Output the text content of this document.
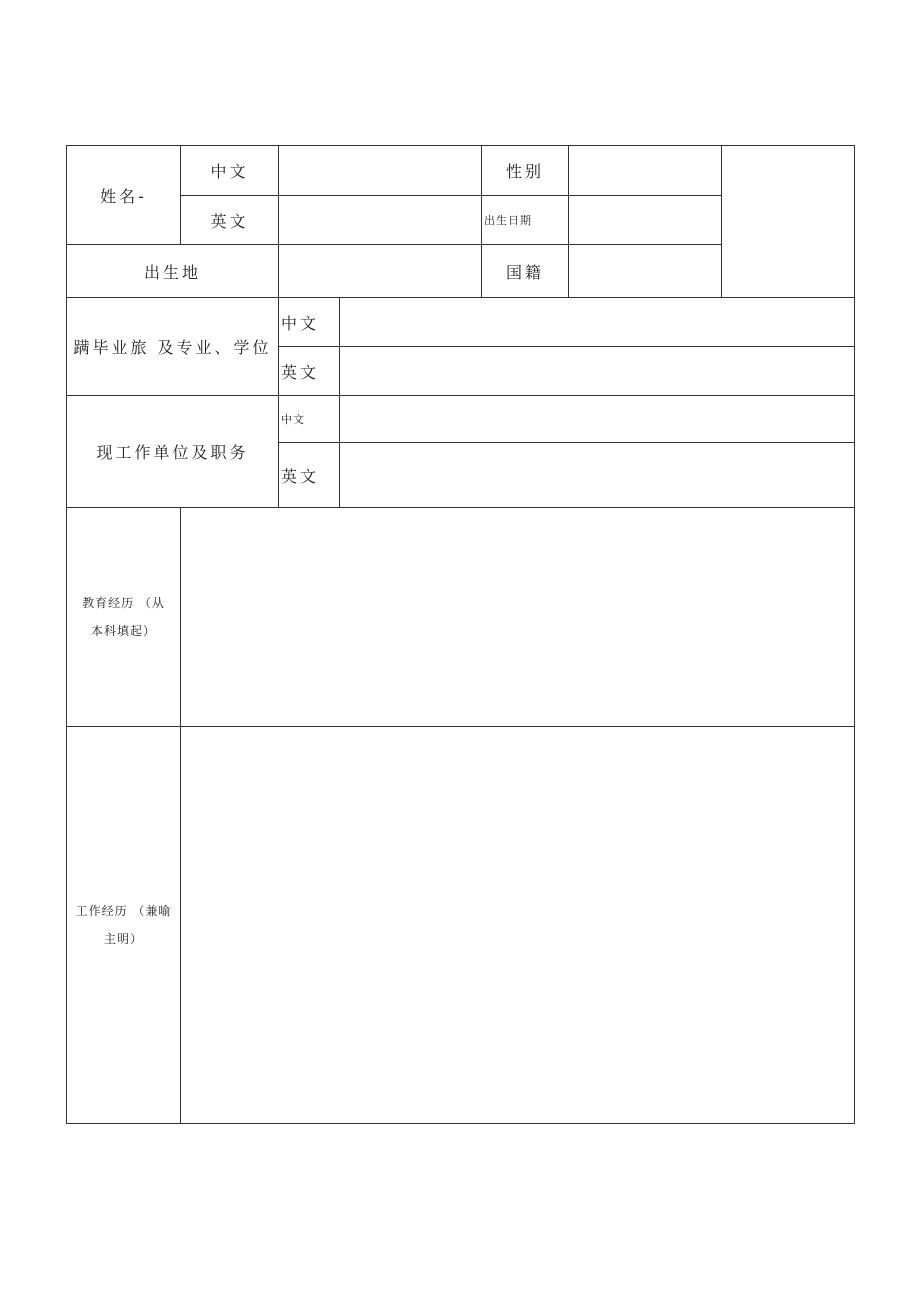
姓名-	中文			性别		
	英文			出生日期		
出生地				国籍		
蹒毕业旅 及专业、学位		中文				
		英文				
现工作单位及职务		中文				
		英文				

教育经历 （从
本科填起）						

工作经历 （兼喻
主明）						
